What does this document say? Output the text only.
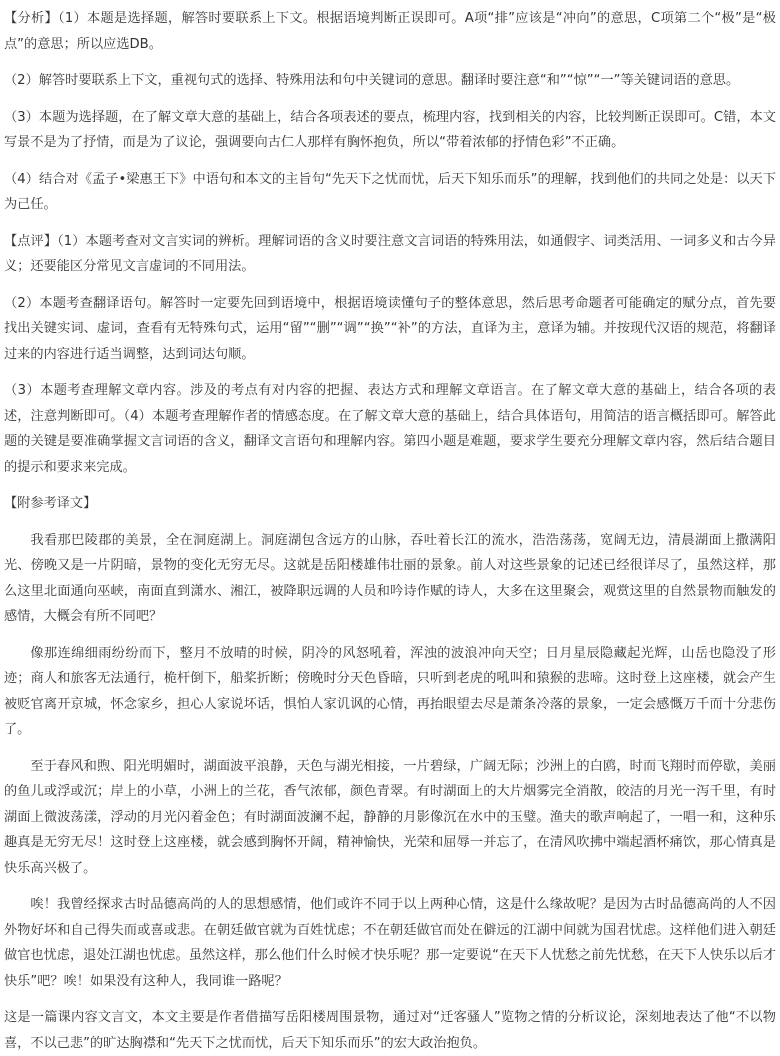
【分析】（1）本题是选择题，解答时要联系上下文。根据语境判断正误即可。A项“排”应该是“冲向”的意思，C项第二个“极”是“极点”的意思；所以应选DB。

（2）解答时要联系上下文，重视句式的选择、特殊用法和句中关键词的意思。翻译时要注意“和”“惊”“一”等关键词语的意思。

（3）本题为选择题，在了解文章大意的基础上，结合各项表述的要点，梳理内容，找到相关的内容，比较判断正误即可。C错，本文写景不是为了抒情，而是为了议论，强调要向古仁人那样有胸怀抱负，所以“带着浓郁的抒情色彩”不正确。

（4）结合对《孟子•梁惠王下》中语句和本文的主旨句“先天下之忧而忧，后天下知乐而乐”的理解，找到他们的共同之处是：以天下为己任。

【点评】（1）本题考查对文言实词的辨析。理解词语的含义时要注意文言词语的特殊用法，如通假字、词类活用、一词多义和古今异义；还要能区分常见文言虚词的不同用法。

（2）本题考查翻译语句。解答时一定要先回到语境中，根据语境读懂句子的整体意思，然后思考命题者可能确定的赋分点，首先要找出关键实词、虚词，查看有无特殊句式，运用“留”“删”“调”“换”“补”的方法，直译为主，意译为辅。并按现代汉语的规范，将翻译过来的内容进行适当调整，达到词达句顺。

（3）本题考查理解文章内容。涉及的考点有对内容的把握、表达方式和理解文章语言。在了解文章大意的基础上，结合各项的表述，注意判断即可。（4）本题考查理解作者的情感态度。在了解文章大意的基础上，结合具体语句，用简洁的语言概括即可。解答此题的关键是要准确掌握文言词语的含义，翻译文言语句和理解内容。第四小题是难题，要求学生要充分理解文章内容，然后结合题目的提示和要求来完成。

【附参考译文】

我看那巴陵郡的美景，全在洞庭湖上。洞庭湖包含远方的山脉，吞吐着长江的流水，浩浩荡荡，宽阔无边，清晨湖面上撒满阳光、傍晚又是一片阴暗，景物的变化无穷无尽。这就是岳阳楼雄伟壮丽的景象。前人对这些景象的记述已经很详尽了，虽然这样，那么这里北面通向巫峡，南面直到潇水、湘江，被降职远调的人员和吟诗作赋的诗人，大多在这里聚会，观赏这里的自然景物而触发的感情，大概会有所不同吧？

像那连绵细雨纷纷而下，整月不放晴的时候，阴冷的风怒吼着，浑浊的波浪冲向天空；日月星辰隐藏起光辉，山岳也隐没了形迹；商人和旅客无法通行，桅杆倒下，船桨折断；傍晚时分天色昏暗，只听到老虎的吼叫和猿猴的悲啼。这时登上这座楼，就会产生被贬官离开京城，怀念家乡，担心人家说坏话，惧怕人家讥讽的心情，再抬眼望去尽是萧条冷落的景象，一定会感慨万千而十分悲伤了。

至于春风和煦、阳光明媚时，湖面波平浪静，天色与湖光相接，一片碧绿，广阔无际；沙洲上的白鸥，时而飞翔时而停歇，美丽的鱼儿或浮或沉；岸上的小草，小洲上的兰花，香气浓郁，颜色青翠。有时湖面上的大片烟雾完全消散，皎洁的月光一泻千里，有时湖面上微波荡漾，浮动的月光闪着金色；有时湖面波澜不起，静静的月影像沉在水中的玉璧。渔夫的歌声响起了，一唱一和，这种乐趣真是无穷无尽！这时登上这座楼，就会感到胸怀开阔，精神愉快，光荣和屈辱一并忘了，在清风吹拂中端起酒杯痛饮，那心情真是快乐高兴极了。

唉！我曾经探求古时品德高尚的人的思想感情，他们或许不同于以上两种心情，这是什么缘故呢？是因为古时品德高尚的人不因外物好坏和自己得失而或喜或悲。在朝廷做官就为百姓忧虑；不在朝廷做官而处在僻远的江湖中间就为国君忧虑。这样他们进入朝廷做官也忧虑，退处江湖也忧虑。虽然这样，那么他们什么时候才快乐呢？那一定要说“在天下人忧愁之前先忧愁，在天下人快乐以后才快乐”吧？唉！如果没有这种人，我同谁一路呢？

这是一篇课内容文言文，本文主要是作者借描写岳阳楼周围景物，通过对“迁客骚人”览物之情的分析议论，深刻地表达了他“不以物喜，不以己悲”的旷达胸襟和“先天下之忧而忧，后天下知乐而乐”的宏大政治抱负。
